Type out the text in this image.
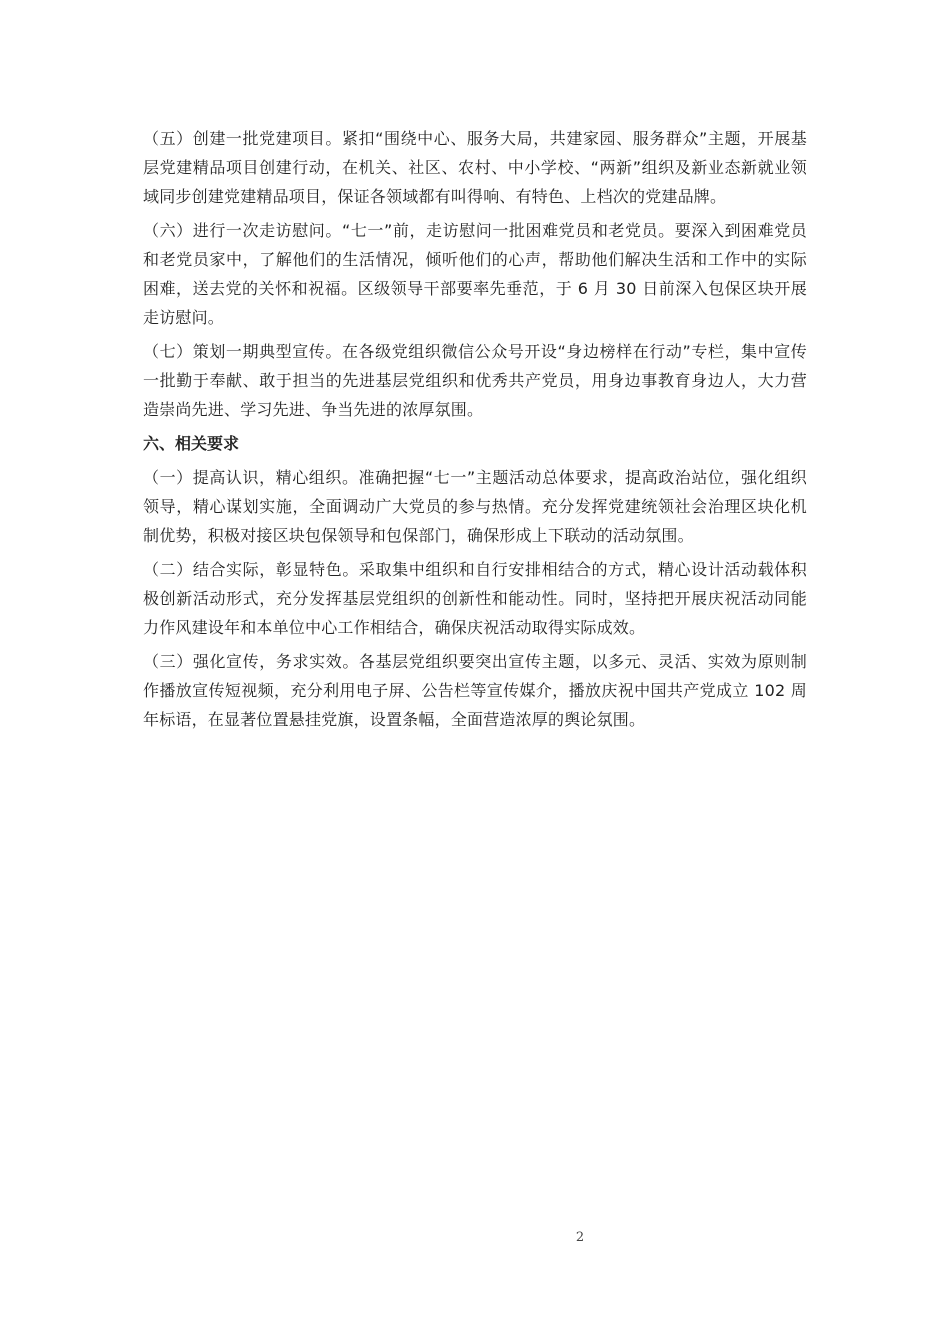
（五）创建一批党建项目。紧扣“围绕中心、服务大局，共建家园、服务群众”主题，开展基层党建精品项目创建行动，在机关、社区、农村、中小学校、“两新”组织及新业态新就业领域同步创建党建精品项目，保证各领域都有叫得响、有特色、上档次的党建品牌。

（六）进行一次走访慰问。“七一”前，走访慰问一批困难党员和老党员。要深入到困难党员和老党员家中，了解他们的生活情况，倾听他们的心声，帮助他们解决生活和工作中的实际困难，送去党的关怀和祝福。区级领导干部要率先垂范，于 6 月 30 日前深入包保区块开展走访慰问。

（七）策划一期典型宣传。在各级党组织微信公众号开设“身边榜样在行动”专栏，集中宣传一批勤于奉献、敢于担当的先进基层党组织和优秀共产党员，用身边事教育身边人，大力营造崇尚先进、学习先进、争当先进的浓厚氛围。

六、相关要求

（一）提高认识，精心组织。准确把握“七一”主题活动总体要求，提高政治站位，强化组织领导，精心谋划实施，全面调动广大党员的参与热情。充分发挥党建统领社会治理区块化机制优势，积极对接区块包保领导和包保部门，确保形成上下联动的活动氛围。

（二）结合实际，彰显特色。采取集中组织和自行安排相结合的方式，精心设计活动载体积极创新活动形式，充分发挥基层党组织的创新性和能动性。同时，坚持把开展庆祝活动同能力作风建设年和本单位中心工作相结合，确保庆祝活动取得实际成效。

（三）强化宣传，务求实效。各基层党组织要突出宣传主题，以多元、灵活、实效为原则制作播放宣传短视频，充分利用电子屏、公告栏等宣传媒介，播放庆祝中国共产党成立 102 周年标语，在显著位置悬挂党旗，设置条幅，全面营造浓厚的舆论氛围。

2
